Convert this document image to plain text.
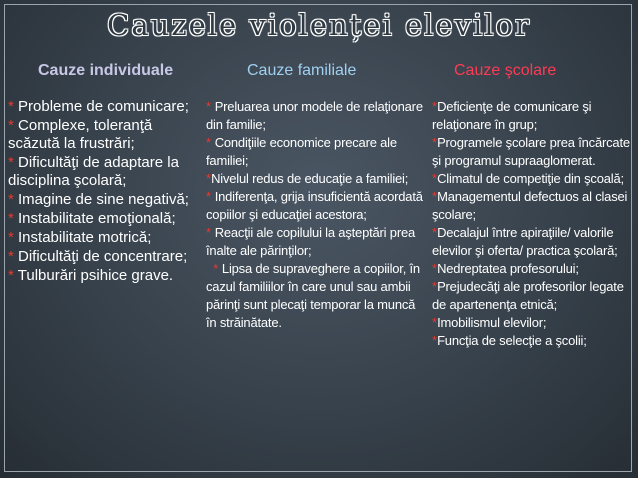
Cauzele violenței elevilor
Cauze individuale	Cauze familiale	Cauze şcolare
* Probleme de comunicare;
* Complexe, toleranţă scăzută la frustrări;
* Dificultăţi de adaptare la disciplina şcolară;
* Imagine de sine negativă;
* Instabilitate emoţională;
* Instabilitate motrică;
* Dificultăţi de concentrare;
* Tulburări psihice grave.
* Preluarea unor modele de relaţionare din familie;
* Condiţiile economice precare ale familiei;
*Nivelul redus de educaţie a familiei;
* Indiferenţa, grija insuficientă acordată copiilor şi educaţiei acestora;
* Reacţii ale copilului la aşteptări prea înalte ale părinţilor;
* Lipsa de supraveghere a copiilor, în cazul familiilor în care unul sau ambii părinţi sunt plecaţi temporar la muncă în străinătate.
*Deficienţe de comunicare şi relaţionare în grup;
*Programele şcolare prea încărcate şi programul supraaglomerat.
*Climatul de competiţie din şcoală;
*Managementul defectuos al clasei şcolare;
*Decalajul între apiraţiile/ valorile elevilor şi oferta/ practica şcolară;
*Nedreptatea profesorului;
*Prejudecăţi ale profesorilor legate de apartenenţa etnică;
*Imobilismul elevilor;
*Funcţia de selecţie a şcolii;
